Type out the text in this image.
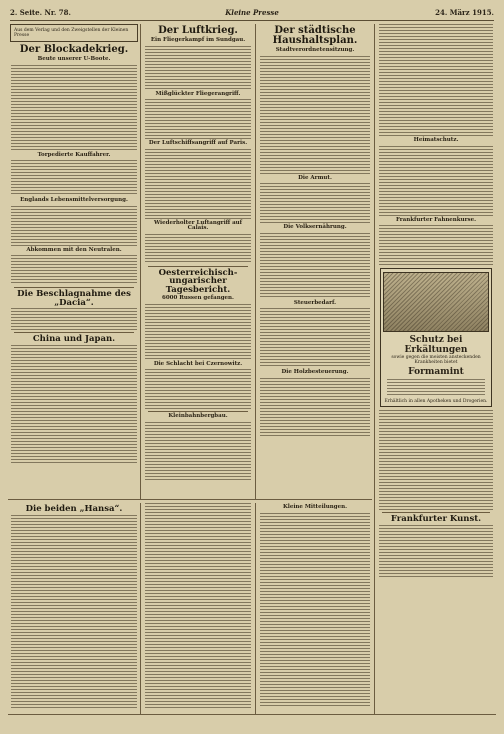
2. Seite. Nr. 78.	Kleine Presse	24. März 1915.
Aus dem Verlag und den Zweigstellen der Kleinen Presse
Der Blockadekrieg.
Beute unserer U-Boote.
Torpedierte Kauffahrer.
Englands Lebensmittelversorgung.
Abkommen mit den Neutralen.
Die Beschlagnahme des „Dacia“.
China und Japan.
Der Luftkrieg.
Ein Fliegerkampf im Sundgau.
Mißglückter Fliegerangriff.
Der Luftschiffsangriff auf Paris.
Wiederholter Luftangriff auf Calais.
Oesterreichisch-ungarischer Tagesbericht.
6000 Russen gefangen.
Die Schlacht bei Czernowitz.
Kleinbahnbergbau.
Der städtische Haushaltsplan.
Stadtverordnetensitzung.
Die Armut.
Die Volksernährung.
Steuerbedarf.
Die Holzbesteuerung.
Heimatschutz.
Frankfurter Fahnenkurse.
Schutz bei Erkältungen
sowie gegen die meisten ansteckenden Krankheiten bietet
Formamint
Erhältlich in allen Apotheken und Drogerien.
Frankfurter Kunst.
Die beiden „Hansa“.	Kleine Mitteilungen.
